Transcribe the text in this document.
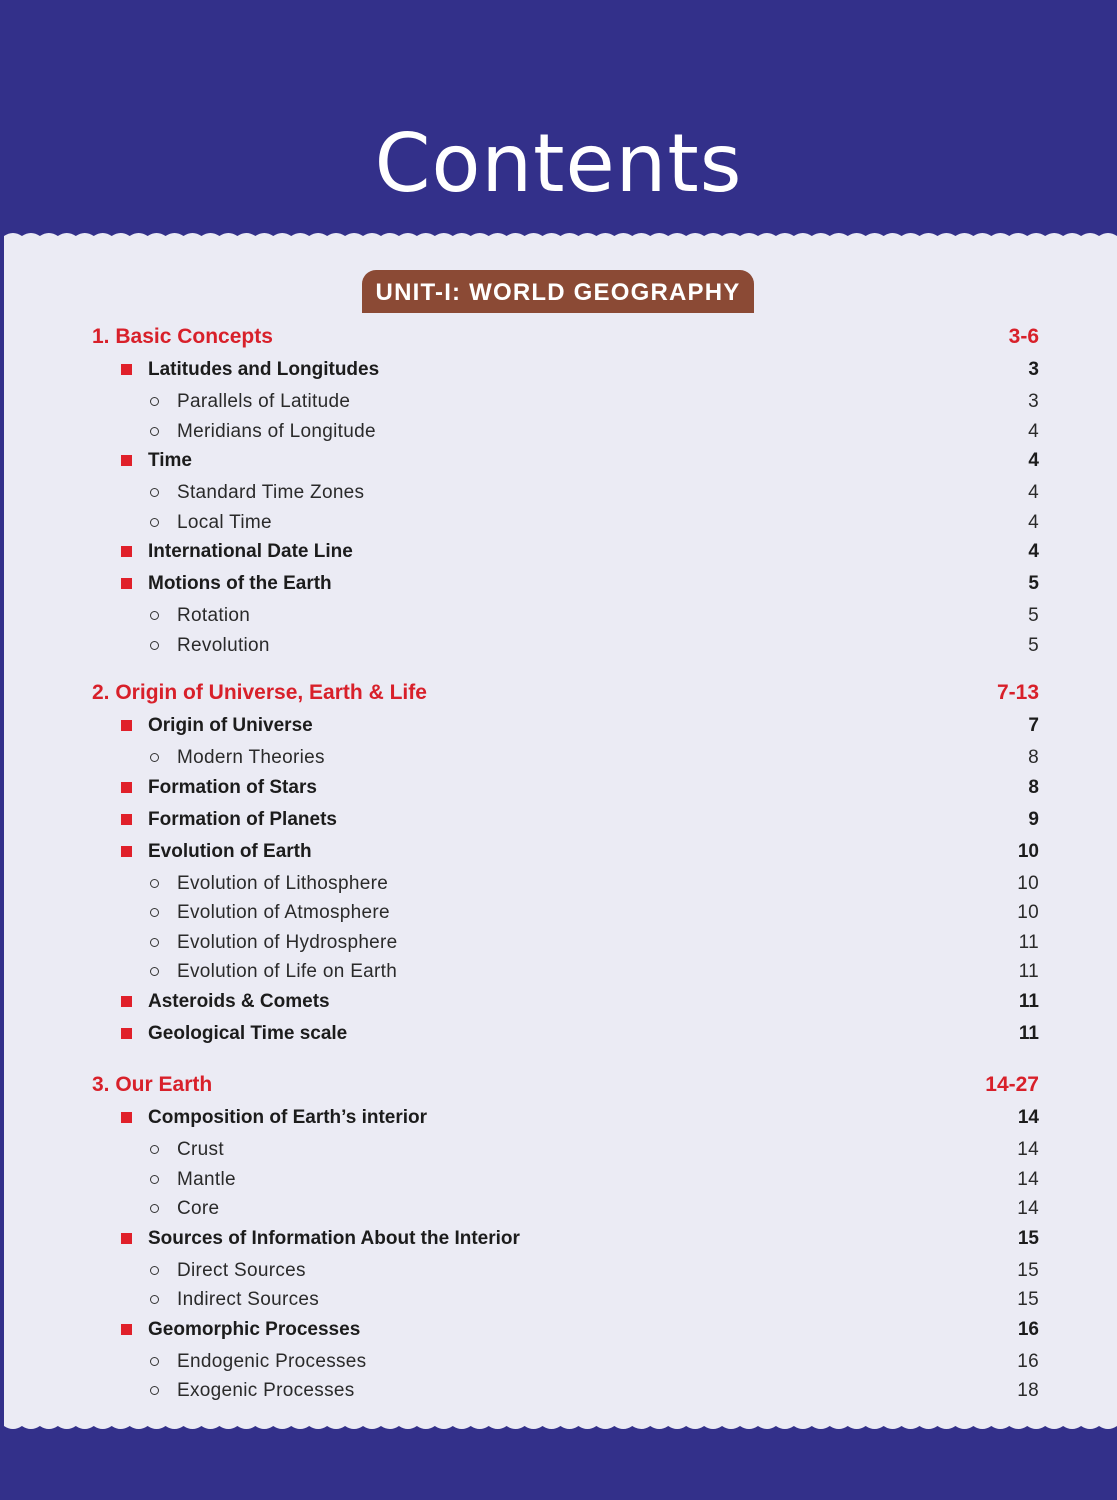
Contents
UNIT-I: WORLD GEOGRAPHY
1. Basic Concepts	3-6
Latitudes and Longitudes	3
Parallels of Latitude	3
Meridians of Longitude	4
Time	4
Standard Time Zones	4
Local Time	4
International Date Line	4
Motions of the Earth	5
Rotation	5
Revolution	5
2. Origin of Universe, Earth & Life	7-13
Origin of Universe	7
Modern Theories	8
Formation of Stars	8
Formation of Planets	9
Evolution of Earth	10
Evolution of Lithosphere	10
Evolution of Atmosphere	10
Evolution of Hydrosphere	11
Evolution of Life on Earth	11
Asteroids & Comets	11
Geological Time scale	11
3. Our Earth	14-27
Composition of Earth’s interior	14
Crust	14
Mantle	14
Core	14
Sources of Information About the Interior	15
Direct Sources	15
Indirect Sources	15
Geomorphic Processes	16
Endogenic Processes	16
Exogenic Processes	18
